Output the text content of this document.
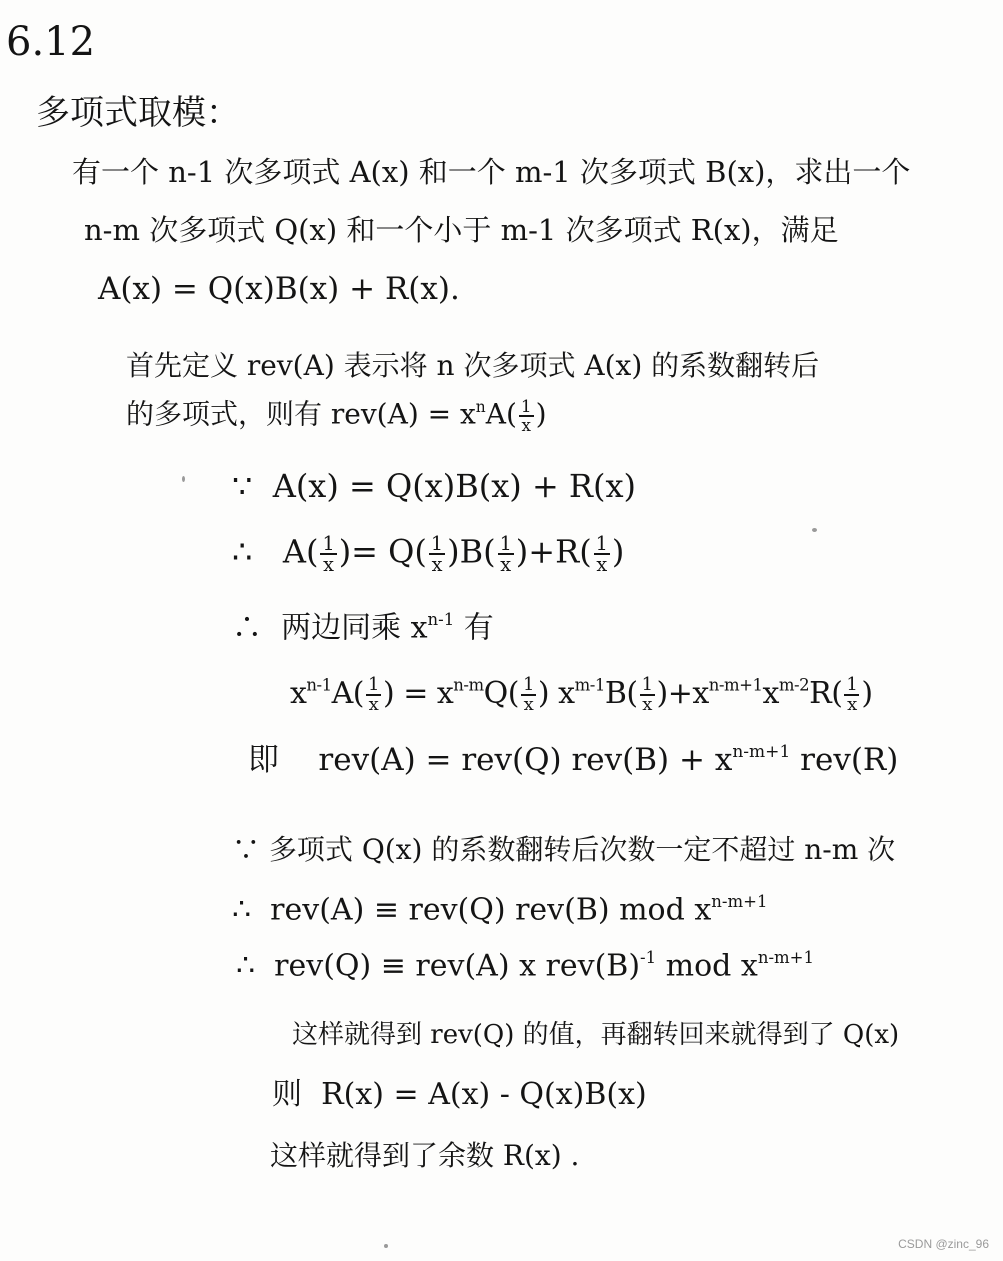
6.12
多项式取模：
有一个 n-1 次多项式 A(x) 和一个 m-1 次多项式 B(x)，求出一个
n-m 次多项式 Q(x) 和一个小于 m-1 次多项式 R(x)，满足
A(x) = Q(x)B(x) + R(x).
首先定义 rev(A) 表示将 n 次多项式 A(x) 的系数翻转后
的多项式，则有 $rev(A) = x^nA( \frac{1}{x}$ )
∵ A(x) = Q(x)B(x) + R(x)
∴ $A( \frac{1}{x}$ )= $Q( \frac{1}{x} )B( \frac{1}{x} )+R( \frac{1}{x}$ )
∴ 两边同乘 $x^{n-1}$ 有
$x^{n-1}A( \frac{1}{x}$ ) = $x^{n-m}Q( \frac{1}{x}$ ) $x^{m-1}B( \frac{1}{x} )+x^{n-m+1}x^{m-2}R( \frac{1}{x}$ )
即 rev(A) = rev(Q) $rev(B) + x^{n-m+1}$ rev(R)
∵ 多项式 Q(x) 的系数翻转后次数一定不超过 n-m 次
∴ rev(A) ≡ rev(Q) rev(B) mod $x^{n-m+1}$
∴ rev(Q) ≡ rev(A) x $rev(B)^{-1}$ mod $x^{n-m+1}$
这样就得到 rev(Q) 的值，再翻转回来就得到了 Q(x)
则 R(x) = A(x) - Q(x)B(x)
这样就得到了余数 R(x) .
CSDN @zinc_96
